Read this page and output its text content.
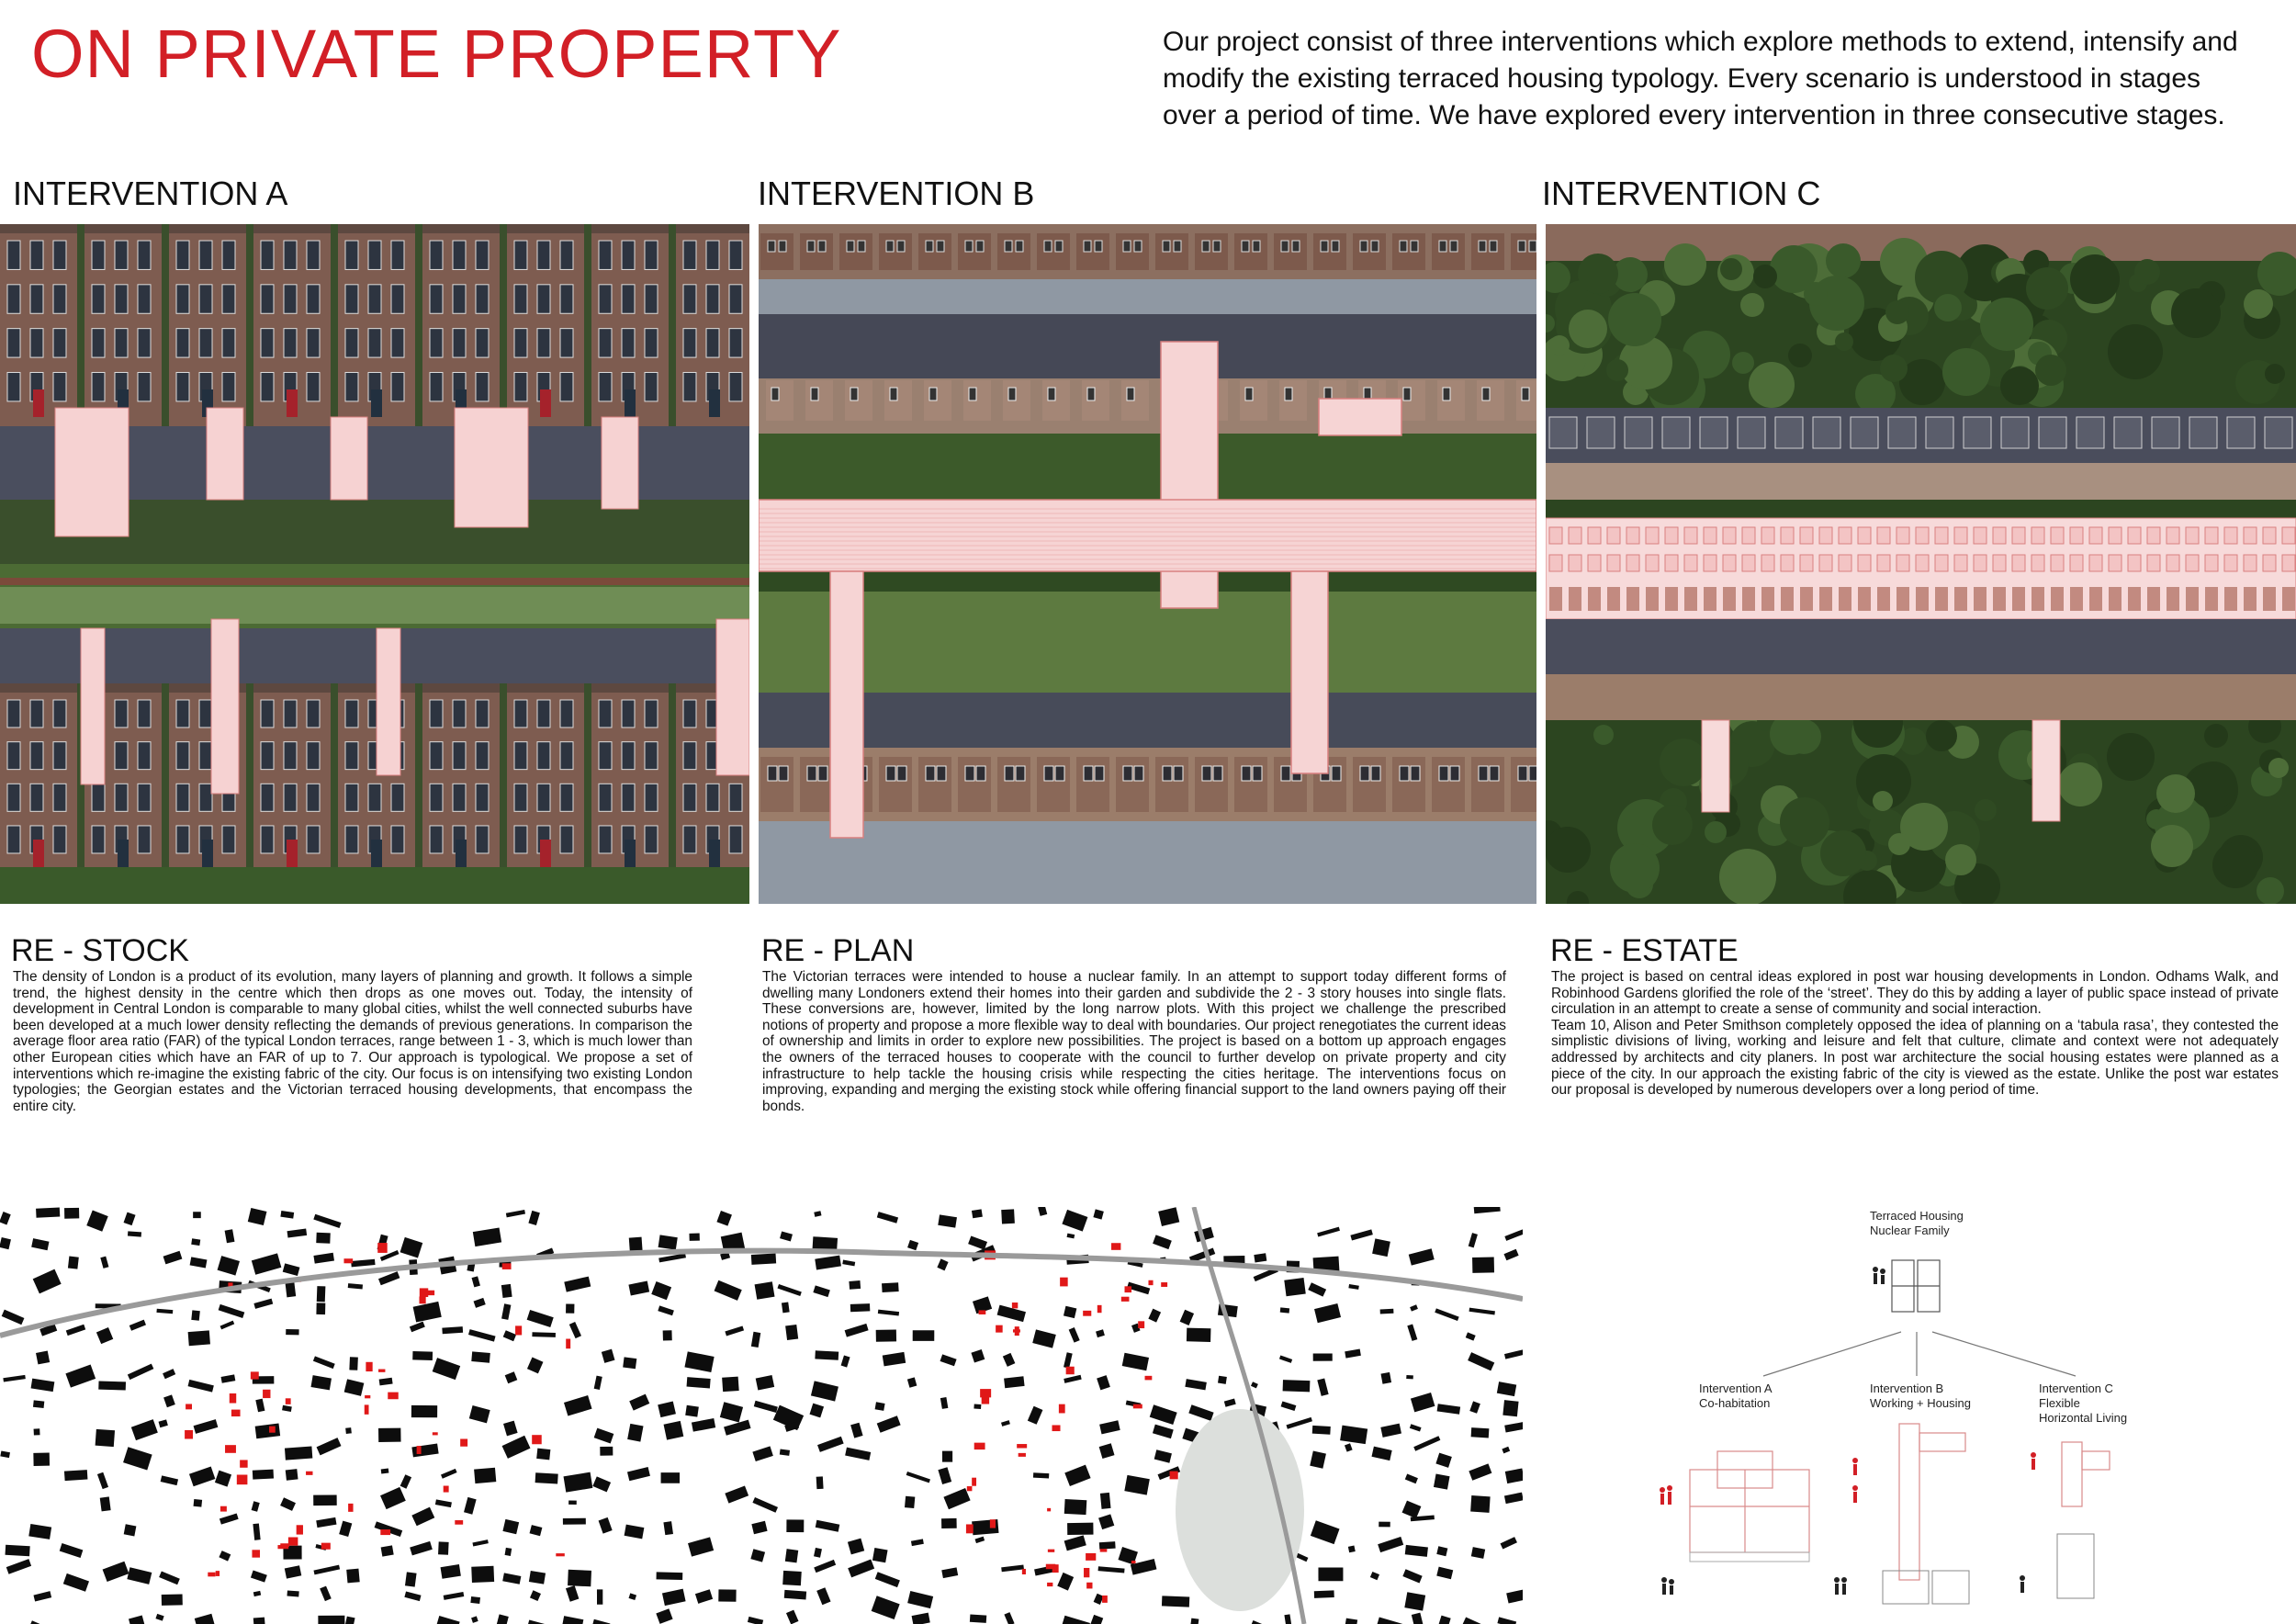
ON PRIVATE PROPERTY	Our project consist of three interventions which explore methods to extend, intensify and modify the existing terraced housing typology. Every scenario is understood in stages over a period of time. We have explored every intervention in three consecutive stages.
INTERVENTION A	INTERVENTION B	INTERVENTION C
RE - STOCK	RE - PLAN	RE - ESTATE
The density of London is a product of its evolution, many layers of planning and growth. It follows a simple trend, the highest density in the centre which then drops as one moves out. Today, the intensity of development in Central London is comparable to many global cities, whilst the well connected suburbs have been developed at a much lower density reflecting the demands of previous generations. In comparison the average floor area ratio (FAR) of the typical London terraces, range between 1 - 3, which is much lower than other European cities which have an FAR of up to 7. Our approach is typological. We propose a set of interventions which re-imagine the existing fabric of the city. Our focus is on intensifying two existing London typologies; the Georgian estates and the Victorian terraced housing developments, that encompass the entire city.
The Victorian terraces were intended to house a nuclear family. In an attempt to support today different forms of dwelling many Londoners extend their homes into their garden and subdivide the 2 - 3 story houses into single flats. These conversions are, however, limited by the long narrow plots. With this project we challenge the prescribed notions of property and propose a more flexible way to deal with boundaries. Our project renegotiates the current ideas of ownership and limits in order to explore new possibilities. The project is based on a bottom up approach engages the owners of the terraced houses to cooperate with the council to further develop on private property and city infrastructure to help tackle the housing crisis while respecting the cities heritage. The interventions focus on improving, expanding and merging the existing stock while offering financial support to the land owners paying off their bonds.
The project is based on central ideas explored in post war housing developments in London. Odhams Walk, and Robinhood Gardens glorified the role of the ‘street’. They do this by adding a layer of public space instead of private circulation in an attempt to create a sense of community and social interaction.
Team 10, Alison and Peter Smithson completely opposed the idea of planning on a ‘tabula rasa’, they contested the simplistic divisions of living, working and leisure and felt that culture, climate and context were not adequately addressed by architects and city planers. In post war architecture the social housing estates were planned as a piece of the city. In our approach the existing fabric of the city is viewed as the estate. Unlike the post war estates our proposal is developed by numerous developers over a long period of time.
Terraced Housing
Nuclear Family
Intervention A
Co-habitation
Intervention B
Working + Housing
Intervention C
Flexible
Horizontal Living
